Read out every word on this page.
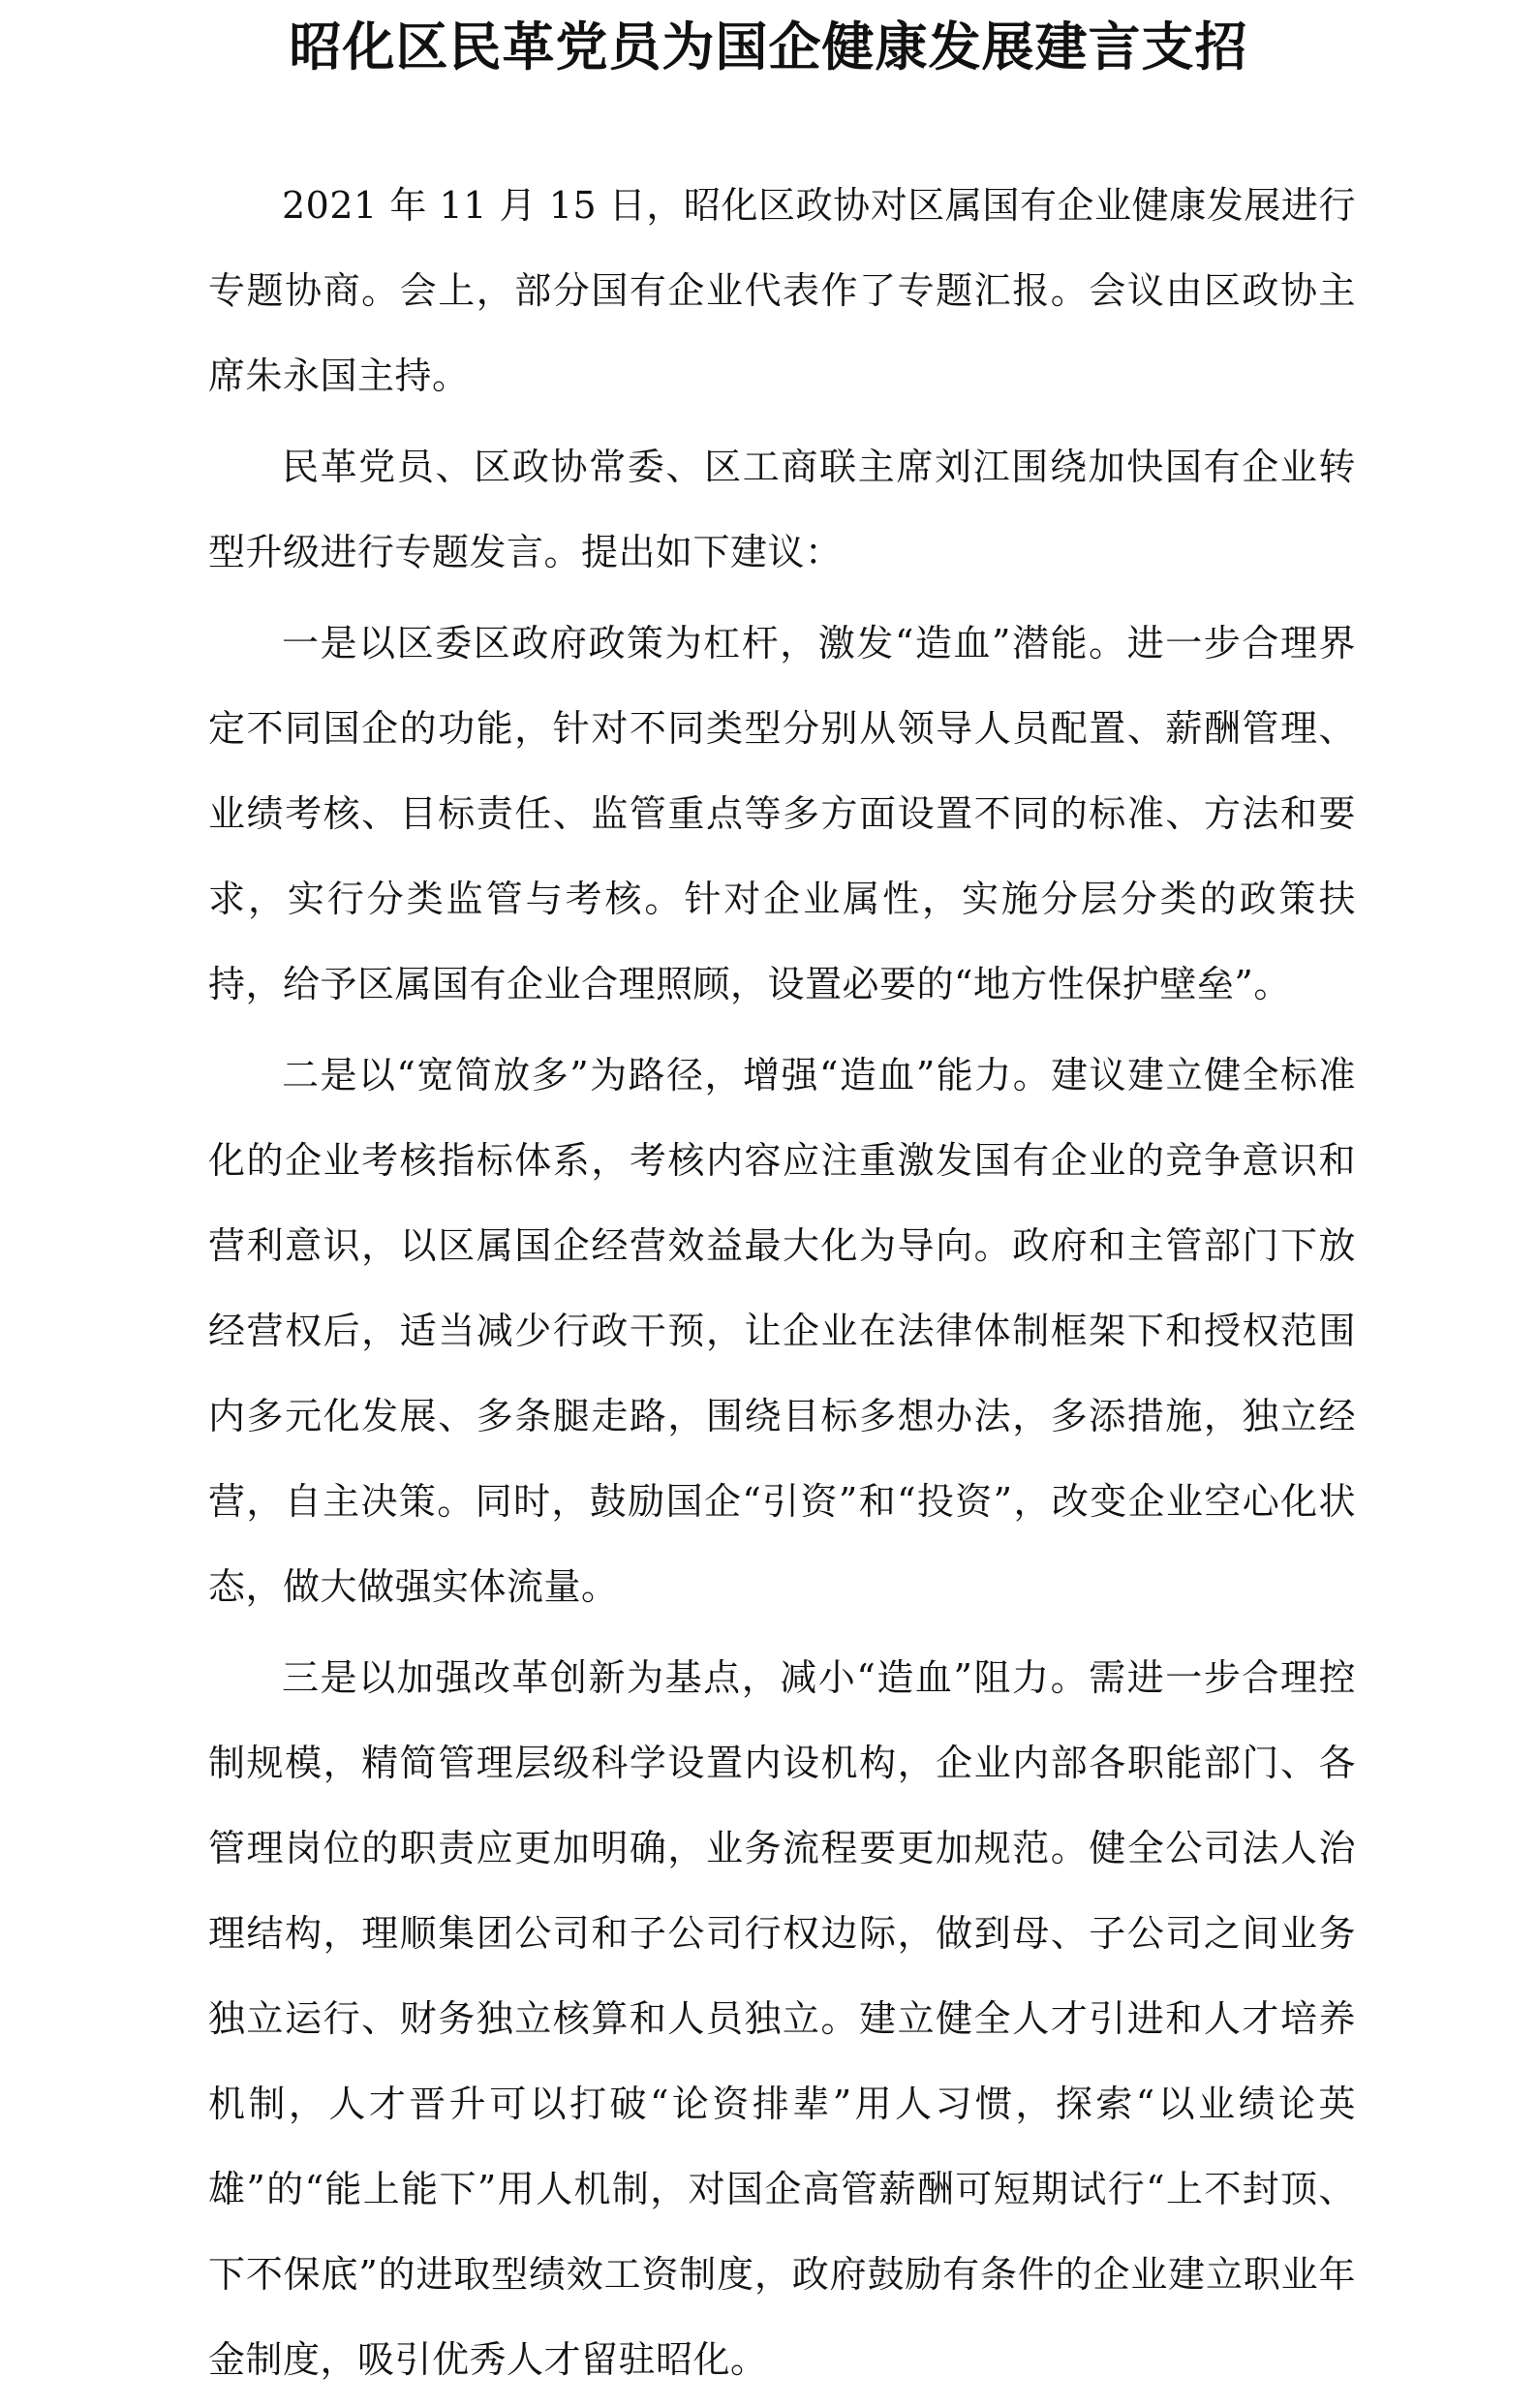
昭化区民革党员为国企健康发展建言支招

2021 年 11 月 15 日，昭化区政协对区属国有企业健康发展进行专题协商。会上，部分国有企业代表作了专题汇报。会议由区政协主席朱永国主持。

民革党员、区政协常委、区工商联主席刘江围绕加快国有企业转型升级进行专题发言。提出如下建议：

一是以区委区政府政策为杠杆，激发“造血”潜能。进一步合理界定不同国企的功能，针对不同类型分别从领导人员配置、薪酬管理、业绩考核、目标责任、监管重点等多方面设置不同的标准、方法和要求，实行分类监管与考核。针对企业属性，实施分层分类的政策扶持，给予区属国有企业合理照顾，设置必要的“地方性保护壁垒”。

二是以“宽简放多”为路径，增强“造血”能力。建议建立健全标准化的企业考核指标体系，考核内容应注重激发国有企业的竞争意识和营利意识，以区属国企经营效益最大化为导向。政府和主管部门下放经营权后，适当减少行政干预，让企业在法律体制框架下和授权范围内多元化发展、多条腿走路，围绕目标多想办法，多添措施，独立经营，自主决策。同时，鼓励国企“引资”和“投资”，改变企业空心化状态，做大做强实体流量。

三是以加强改革创新为基点，减小“造血”阻力。需进一步合理控制规模，精简管理层级科学设置内设机构，企业内部各职能部门、各管理岗位的职责应更加明确，业务流程要更加规范。健全公司法人治理结构，理顺集团公司和子公司行权边际，做到母、子公司之间业务独立运行、财务独立核算和人员独立。建立健全人才引进和人才培养机制，人才晋升可以打破“论资排辈”用人习惯，探索“以业绩论英雄”的“能上能下”用人机制，对国企高管薪酬可短期试行“上不封顶、下不保底”的进取型绩效工资制度，政府鼓励有条件的企业建立职业年金制度，吸引优秀人才留驻昭化。
